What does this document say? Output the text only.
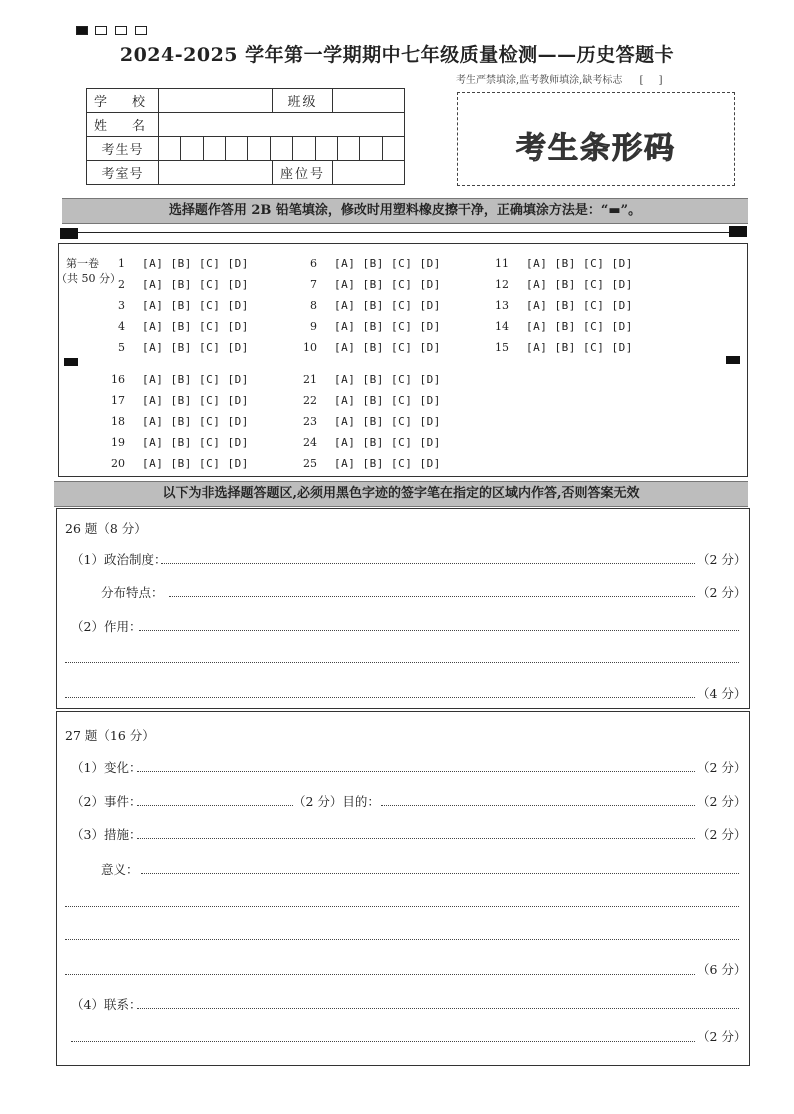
2024-2025 学年第一学期期中七年级质量检测——历史答题卡
考生严禁填涂,监考教师填涂,缺考标志 [ ]
学　校		班级	
姓　名			
考生号			

考室号		座位号	
考生条形码
选择题作答用 2B 铅笔填涂，修改时用塑料橡皮擦干净，正确填涂方法是：“▬”。
第一卷
（共 50 分）
1 [A] [B] [C] [D]
2 [A] [B] [C] [D]
3 [A] [B] [C] [D]
4 [A] [B] [C] [D]
5 [A] [B] [C] [D]
6 [A] [B] [C] [D]
7 [A] [B] [C] [D]
8 [A] [B] [C] [D]
9 [A] [B] [C] [D]
10 [A] [B] [C] [D]
11 [A] [B] [C] [D]
12 [A] [B] [C] [D]
13 [A] [B] [C] [D]
14 [A] [B] [C] [D]
15 [A] [B] [C] [D]
16 [A] [B] [C] [D]
17 [A] [B] [C] [D]
18 [A] [B] [C] [D]
19 [A] [B] [C] [D]
20 [A] [B] [C] [D]
21 [A] [B] [C] [D]
22 [A] [B] [C] [D]
23 [A] [B] [C] [D]
24 [A] [B] [C] [D]
25 [A] [B] [C] [D]
以下为非选择题答题区,必须用黑色字迹的签字笔在指定的区域内作答,否则答案无效
26 题（8 分）
（1）政治制度：	（2 分）
分布特点：	（2 分）
（2）作用：
（4 分）
27 题（16 分）
（1）变化：	（2 分）
（2）事件：	（2 分）目的：	（2 分）
（3）措施：	（2 分）
意义：
（6 分）
（4）联系：
（2 分）
